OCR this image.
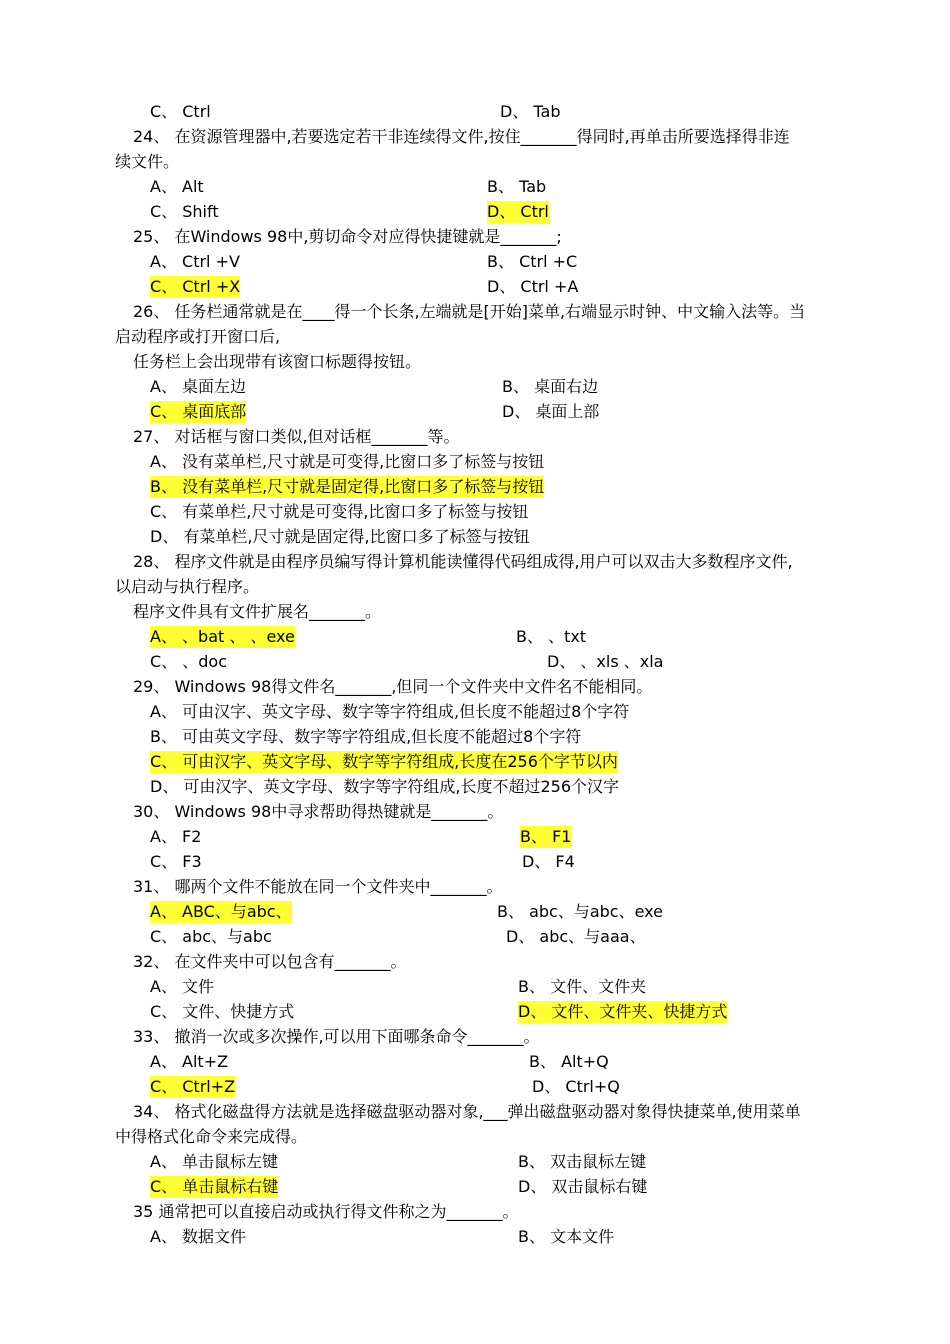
C、 Ctrl	D、 Tab
24、 在资源管理器中,若要选定若干非连续得文件,按住_______得同时,再单击所要选择得非连
续文件。
A、 Alt	B、 Tab
C、 Shift	D、 Ctrl
25、 在Windows 98中,剪切命令对应得快捷键就是_______;
A、 Ctrl +V	B、 Ctrl +C
C、 Ctrl +X	D、 Ctrl +A
26、 任务栏通常就是在____得一个长条,左端就是[开始]菜单,右端显示时钟、中文输入法等。当
启动程序或打开窗口后,
任务栏上会出现带有该窗口标题得按钮。
A、 桌面左边	B、 桌面右边
C、 桌面底部	D、 桌面上部
27、 对话框与窗口类似,但对话框_______等。
A、 没有菜单栏,尺寸就是可变得,比窗口多了标签与按钮
B、 没有菜单栏,尺寸就是固定得,比窗口多了标签与按钮
C、 有菜单栏,尺寸就是可变得,比窗口多了标签与按钮
D、 有菜单栏,尺寸就是固定得,比窗口多了标签与按钮
28、 程序文件就是由程序员编写得计算机能读懂得代码组成得,用户可以双击大多数程序文件,
以启动与执行程序。
程序文件具有文件扩展名_______。
A、 、bat 、 、exe	B、 、txt
C、 、doc	D、 、xls 、xla
29、 Windows 98得文件名_______,但同一个文件夹中文件名不能相同。
A、 可由汉字、英文字母、数字等字符组成,但长度不能超过8个字符
B、 可由英文字母、数字等字符组成,但长度不能超过8个字符
C、 可由汉字、英文字母、数字等字符组成,长度在256个字节以内
D、 可由汉字、英文字母、数字等字符组成,长度不超过256个汉字
30、 Windows 98中寻求帮助得热键就是_______。
A、 F2	B、 F1
C、 F3	D、 F4
31、 哪两个文件不能放在同一个文件夹中_______。
A、 ABC、与abc、	B、 abc、与abc、exe
C、 abc、与abc	D、 abc、与aaa、
32、 在文件夹中可以包含有_______。
A、 文件	B、 文件、文件夹
C、 文件、快捷方式	D、 文件、文件夹、快捷方式
33、 撤消一次或多次操作,可以用下面哪条命令_______。
A、 Alt+Z	B、 Alt+Q
C、 Ctrl+Z	D、 Ctrl+Q
34、 格式化磁盘得方法就是选择磁盘驱动器对象,___弹出磁盘驱动器对象得快捷菜单,使用菜单
中得格式化命令来完成得。
A、 单击鼠标左键	B、 双击鼠标左键
C、 单击鼠标右键	D、 双击鼠标右键
35 通常把可以直接启动或执行得文件称之为_______。
A、 数据文件	B、 文本文件
